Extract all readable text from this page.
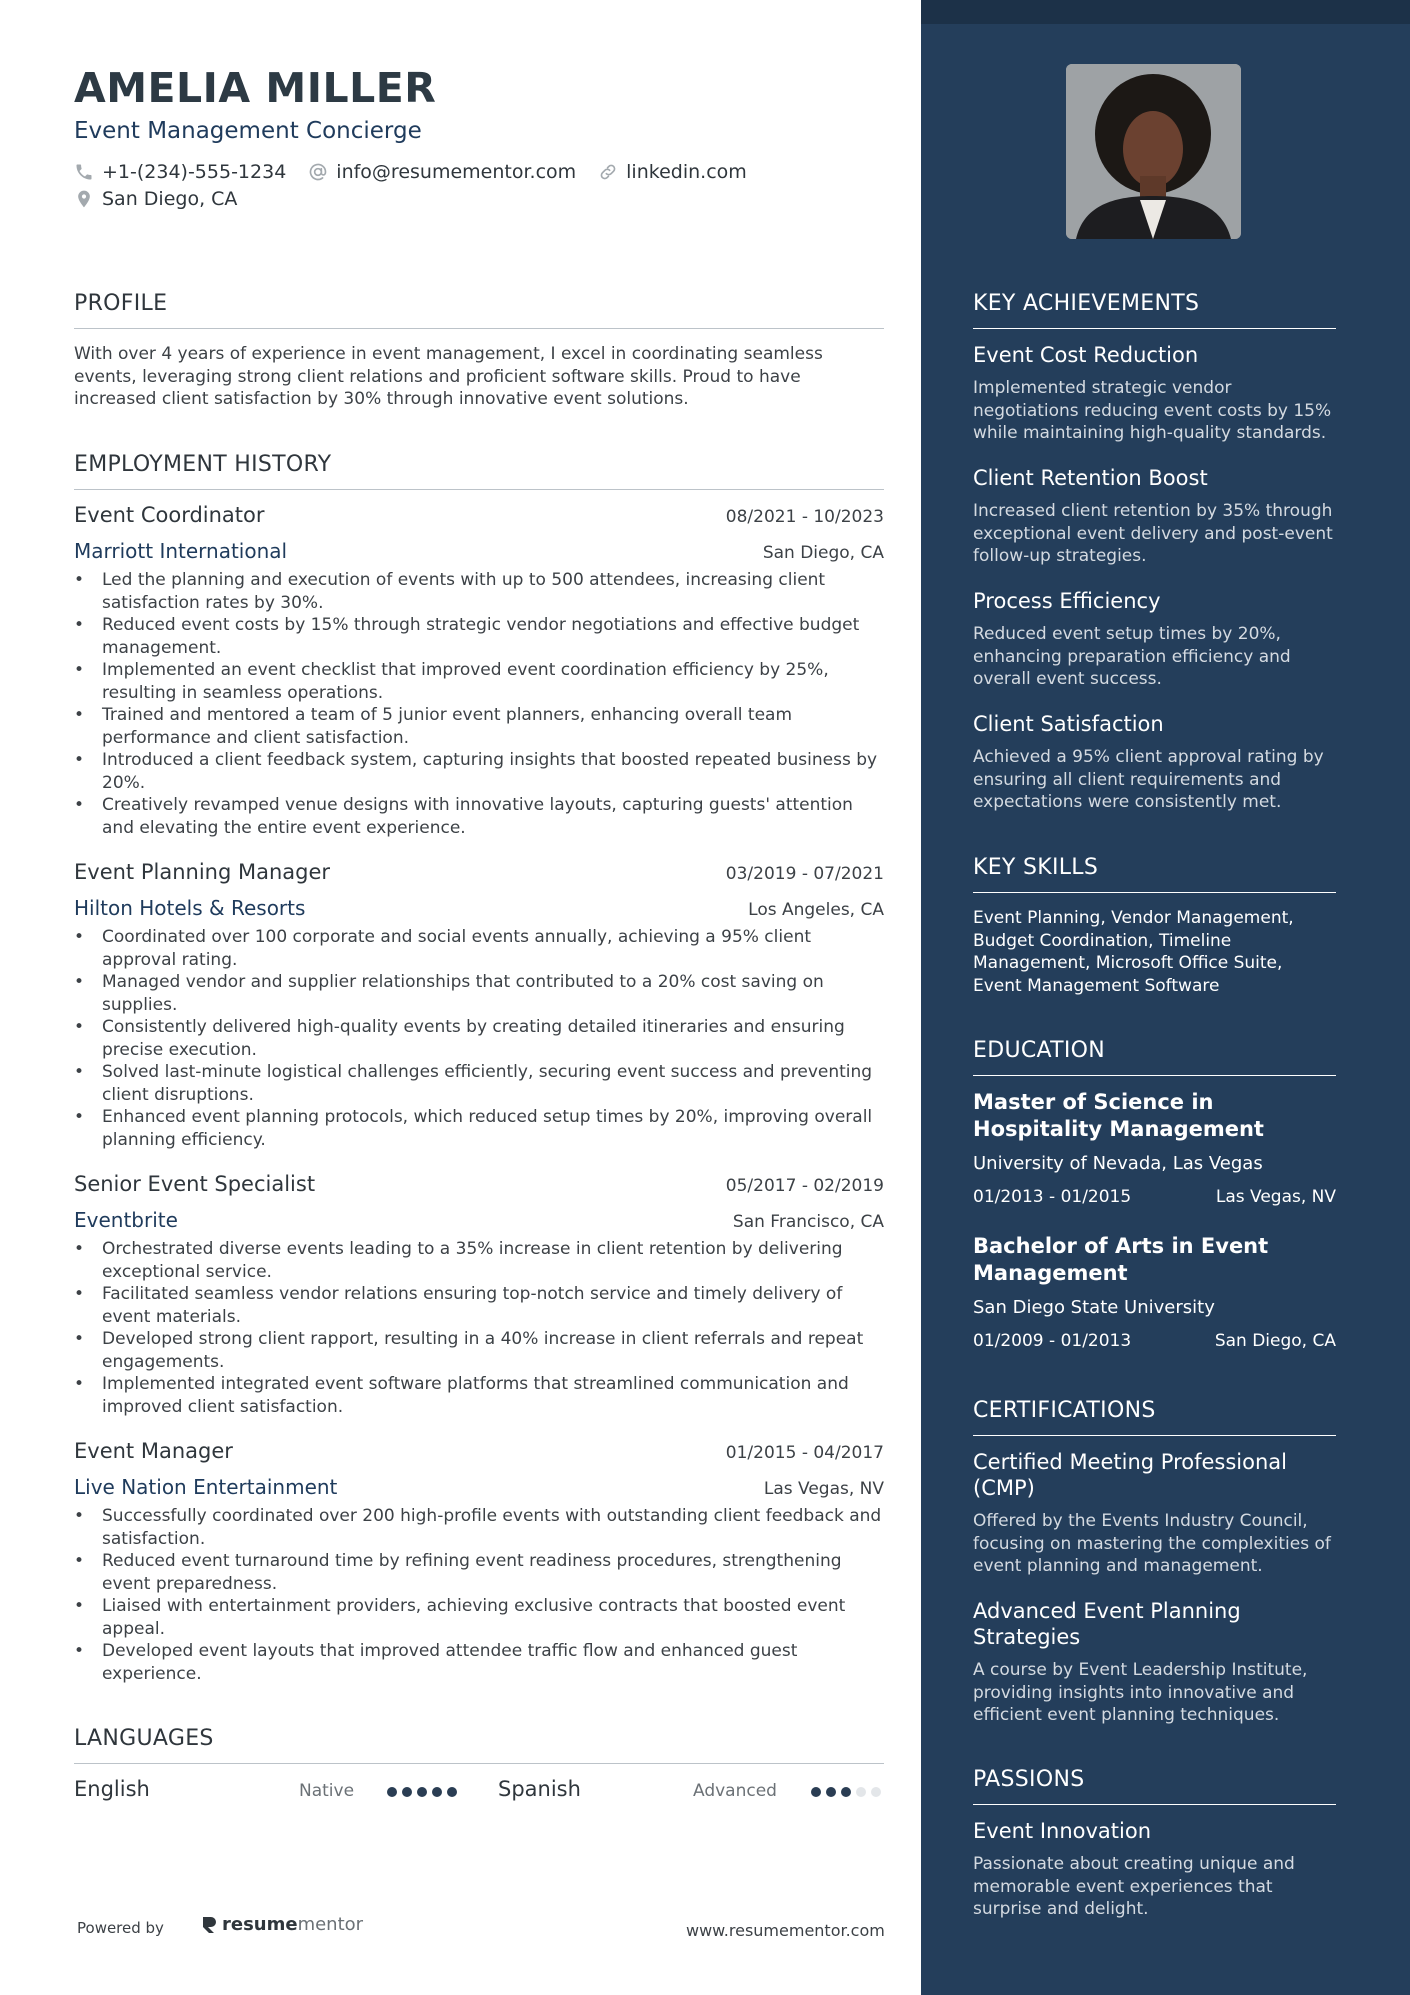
AMELIA MILLER
Event Management Concierge
+1-(234)-555-1234	info@resumementor.com	linkedin.com
San Diego, CA
PROFILE
With over 4 years of experience in event management, I excel in coordinating seamless events, leveraging strong client relations and proficient software skills. Proud to have increased client satisfaction by 30% through innovative event solutions.
EMPLOYMENT HISTORY
Event Coordinator	08/2021 - 10/2023
Marriott International	San Diego, CA
• Led the planning and execution of events with up to 500 attendees, increasing client satisfaction rates by 30%.
• Reduced event costs by 15% through strategic vendor negotiations and effective budget management.
• Implemented an event checklist that improved event coordination efficiency by 25%, resulting in seamless operations.
• Trained and mentored a team of 5 junior event planners, enhancing overall team performance and client satisfaction.
• Introduced a client feedback system, capturing insights that boosted repeated business by 20%.
• Creatively revamped venue designs with innovative layouts, capturing guests' attention and elevating the entire event experience.
Event Planning Manager	03/2019 - 07/2021
Hilton Hotels & Resorts	Los Angeles, CA
• Coordinated over 100 corporate and social events annually, achieving a 95% client approval rating.
• Managed vendor and supplier relationships that contributed to a 20% cost saving on supplies.
• Consistently delivered high-quality events by creating detailed itineraries and ensuring precise execution.
• Solved last-minute logistical challenges efficiently, securing event success and preventing client disruptions.
• Enhanced event planning protocols, which reduced setup times by 20%, improving overall planning efficiency.
Senior Event Specialist	05/2017 - 02/2019
Eventbrite	San Francisco, CA
• Orchestrated diverse events leading to a 35% increase in client retention by delivering exceptional service.
• Facilitated seamless vendor relations ensuring top-notch service and timely delivery of event materials.
• Developed strong client rapport, resulting in a 40% increase in client referrals and repeat engagements.
• Implemented integrated event software platforms that streamlined communication and improved client satisfaction.
Event Manager	01/2015 - 04/2017
Live Nation Entertainment	Las Vegas, NV
• Successfully coordinated over 200 high-profile events with outstanding client feedback and satisfaction.
• Reduced event turnaround time by refining event readiness procedures, strengthening event preparedness.
• Liaised with entertainment providers, achieving exclusive contracts that boosted event appeal.
• Developed event layouts that improved attendee traffic flow and enhanced guest experience.
LANGUAGES
English	Native	Spanish	Advanced
Powered by	resumementor	www.resumementor.com
KEY ACHIEVEMENTS
Event Cost Reduction
Implemented strategic vendor negotiations reducing event costs by 15% while maintaining high-quality standards.
Client Retention Boost
Increased client retention by 35% through exceptional event delivery and post-event follow-up strategies.
Process Efficiency
Reduced event setup times by 20%, enhancing preparation efficiency and overall event success.
Client Satisfaction
Achieved a 95% client approval rating by ensuring all client requirements and expectations were consistently met.
KEY SKILLS
Event Planning, Vendor Management, Budget Coordination, Timeline Management, Microsoft Office Suite, Event Management Software
EDUCATION
Master of Science in Hospitality Management
University of Nevada, Las Vegas
01/2013 - 01/2015	Las Vegas, NV
Bachelor of Arts in Event Management
San Diego State University
01/2009 - 01/2013	San Diego, CA
CERTIFICATIONS
Certified Meeting Professional (CMP)
Offered by the Events Industry Council, focusing on mastering the complexities of event planning and management.
Advanced Event Planning Strategies
A course by Event Leadership Institute, providing insights into innovative and efficient event planning techniques.
PASSIONS
Event Innovation
Passionate about creating unique and memorable event experiences that surprise and delight.
